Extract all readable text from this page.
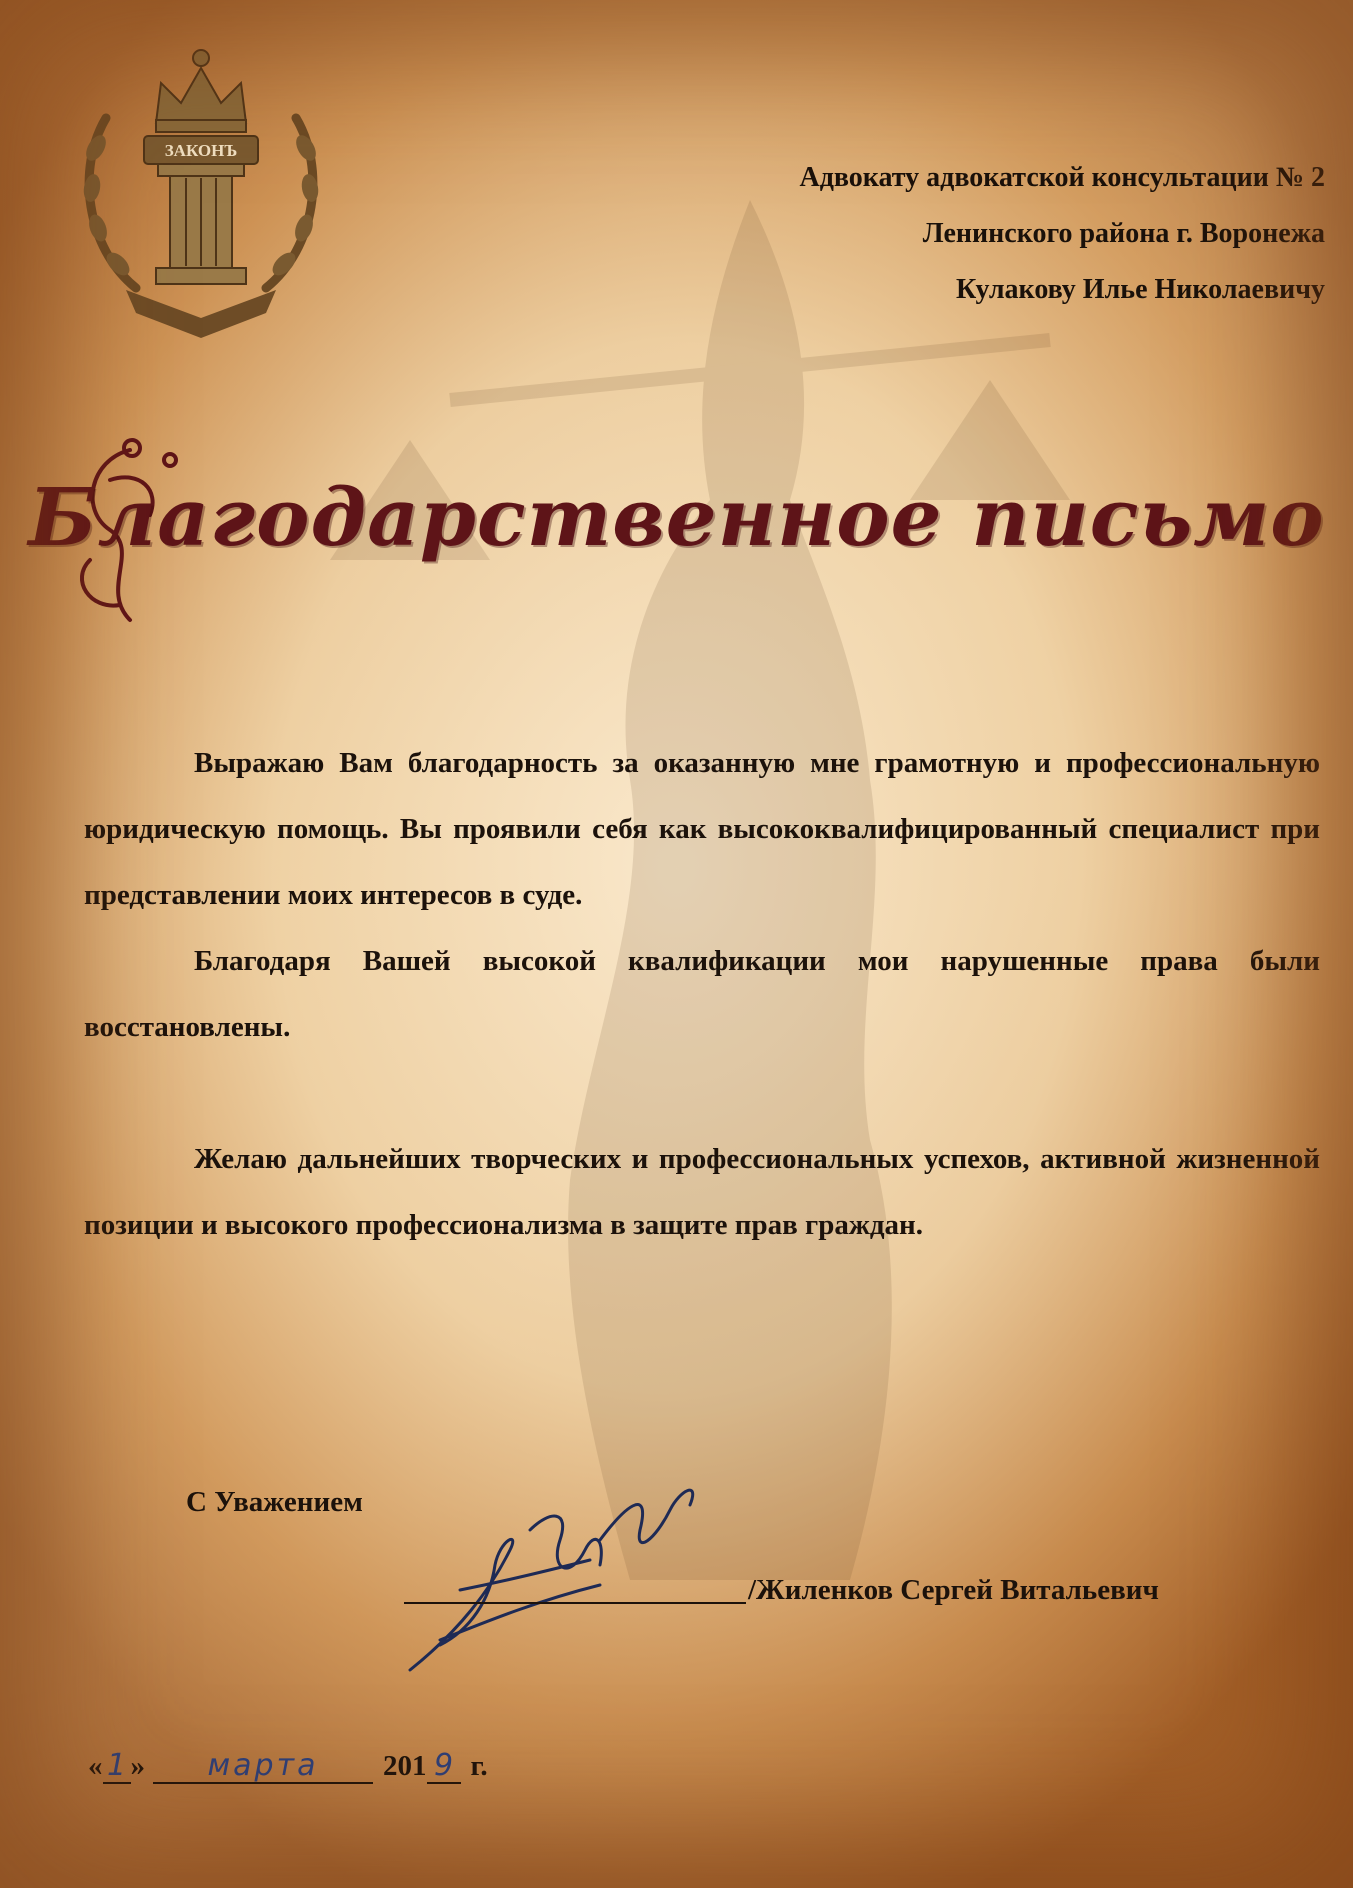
ЗАКОНЪ
Адвокату адвокатской консультации № 2
Ленинского района г. Воронежа
Кулакову Илье Николаевичу
Благодарственное письмо

Выражаю Вам благодарность за оказанную мне грамотную и профессиональную юридическую помощь. Вы проявили себя как высококвалифицированный специалист при представлении моих интересов в суде.

Благодаря Вашей высокой квалификации мои нарушенные права были восстановлены.

Желаю дальнейших творческих и профессиональных успехов, активной жизненной позиции и высокого профессионализма в защите прав граждан.

С Уважением
/Жиленков Сергей Витальевич
« 1 »	марта	201 9 г.
